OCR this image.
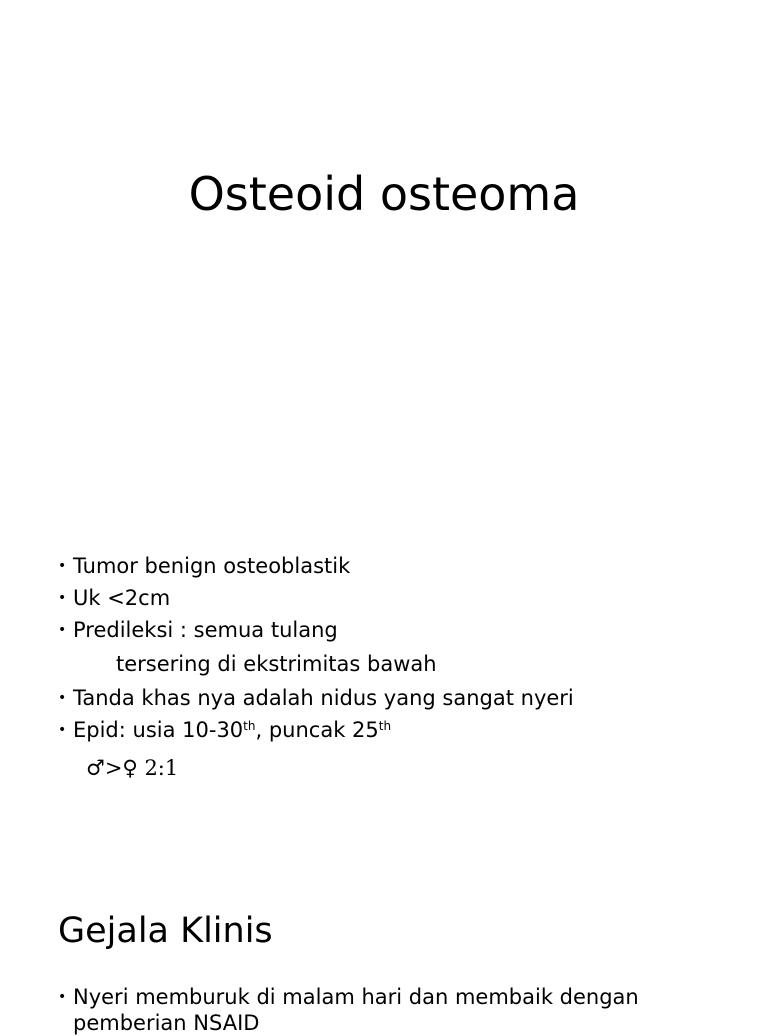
Osteoid osteoma
• Tumor benign osteoblastik
• Uk <2cm
• Predileksi : semua tulang
tersering di ekstrimitas bawah
• Tanda khas nya adalah nidus yang sangat nyeri
• Epid: usia 10-30th, puncak 25th
♂>♀ 2:1
Gejala Klinis
• Nyeri memburuk di malam hari dan membaik dengan pemberian NSAID
